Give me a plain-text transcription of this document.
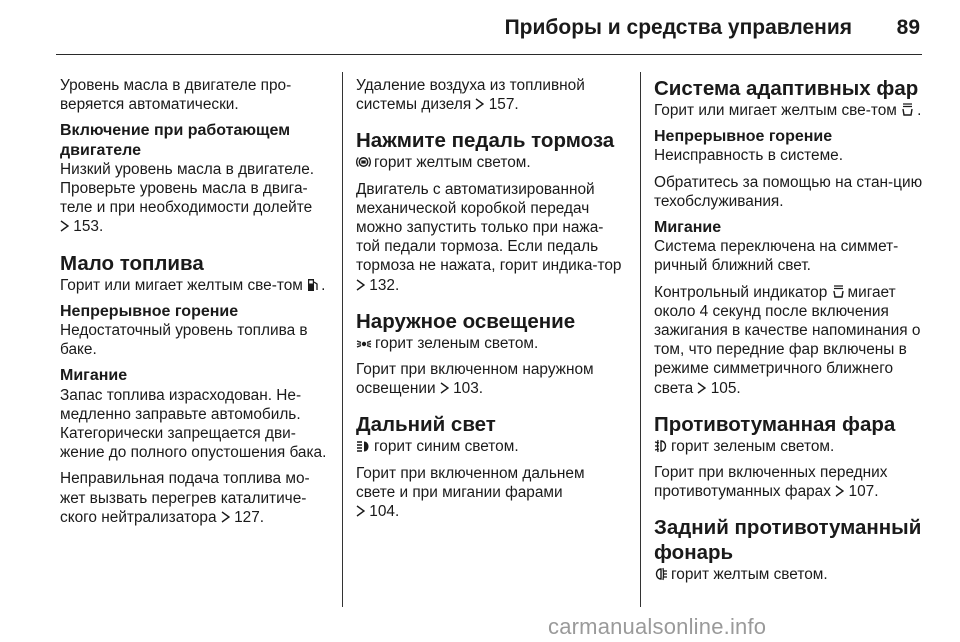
Приборы и средства управления 89

Уровень масла в двигателе про-веряется автоматически.

Включение при работающем двигателе

Низкий уровень масла в двигателе. Проверьте уровень масла в двига-теле и при необходимости долейте
153.

Мало топлива

Горит или мигает желтым све-том .

Непрерывное горение

Недостаточный уровень топлива в баке.

Мигание

Запас топлива израсходован. Не-медленно заправьте автомобиль. Категорически запрещается дви-жение до полного опустошения бака.

Неправильная подача топлива мо-жет вызвать перегрев каталитиче-ского нейтрализатора 127.

Удаление воздуха из топливной системы дизеля 157.

Нажмите педаль тормоза

горит желтым светом.

Двигатель с автоматизированной механической коробкой передач можно запустить только при нажа-той педали тормоза. Если педаль тормоза не нажата, горит индика-тор  132.

Наружное освещение

горит зеленым светом.

Горит при включенном наружном освещении 103.

Дальний свет

горит синим светом.

Горит при включенном дальнем свете и при мигании фарами
104.

Система адаптивных фар

Горит или мигает желтым све-том .

Непрерывное горение

Неисправность в системе.

Обратитесь за помощью на стан-цию техобслуживания.

Мигание

Система переключена на симмет-ричный ближний свет.

Контрольный индикатор мигает около 4 секунд после включения зажигания в качестве напоминания о том, что передние фар включены в режиме симметричного ближнего света 105.

Противотуманная фара

горит зеленым светом.

Горит при включенных передних противотуманных фарах 107.

Задний противотуманный фонарь

горит желтым светом.

carmanualsonline.info
